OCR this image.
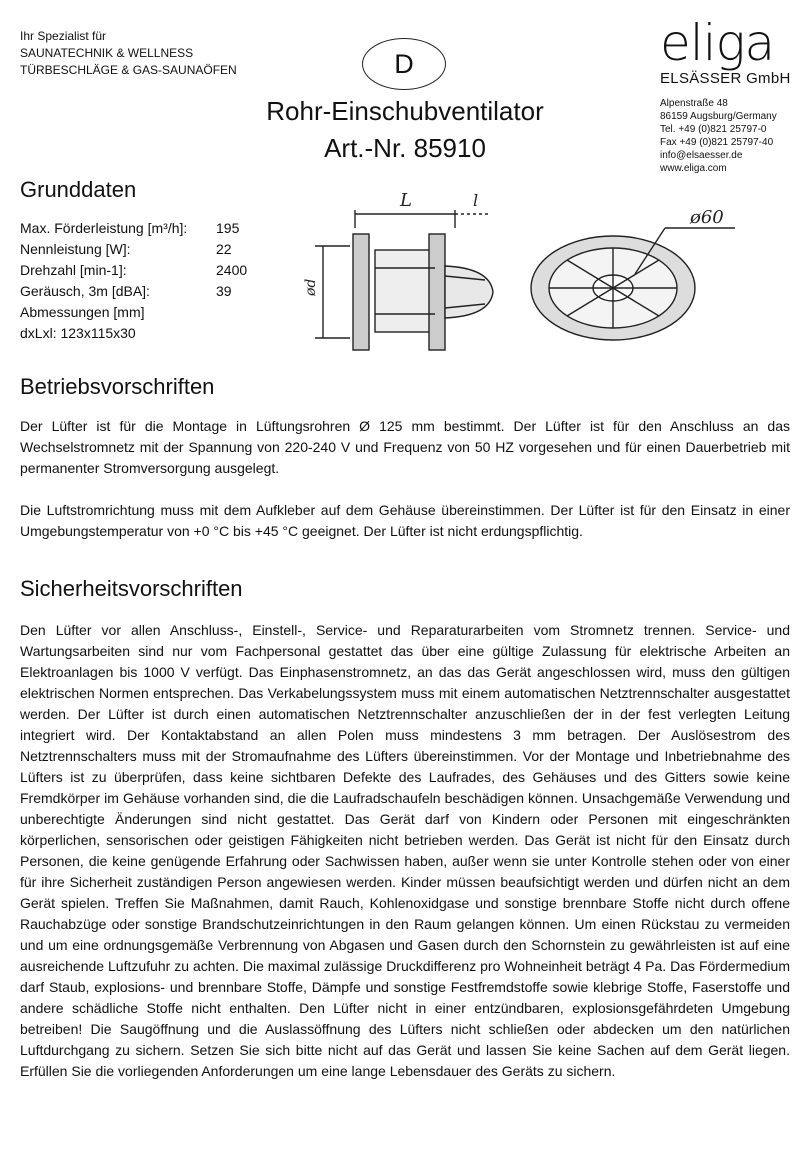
Ihr Spezialist für
SAUNATECHNIK & WELLNESS
TÜRBESCHLÄGE & GAS-SAUNAÖFEN	D	eliga
ELSÄSSER GmbH
Alpenstraße 48
86159 Augsburg/Germany
Tel. +49 (0)821 25797-0
Fax +49 (0)821 25797-40
info@elsaesser.de
www.eliga.com
Rohr-Einschubventilator
Art.-Nr. 85910
Grunddaten
Max. Förderleistung [m³/h]:	195
Nennleistung [W]:	22
Drehzahl [min-1]:	2400
Geräusch, 3m [dBA]:	39
Abmessungen [mm]
dxLxl: 123x115x30
L	l
ød
ø60
Betriebsvorschriften
Der Lüfter ist für die Montage in Lüftungsrohren Ø 125 mm bestimmt. Der Lüfter ist für den Anschluss an das Wechselstromnetz mit der Spannung von 220-240 V und Frequenz von 50 HZ vorgesehen und für einen Dauerbetrieb mit permanenter Stromversorgung ausgelegt.
Die Luftstromrichtung muss mit dem Aufkleber auf dem Gehäuse übereinstimmen. Der Lüfter ist für den Einsatz in einer Umgebungstemperatur von +0 °C bis +45 °C geeignet. Der Lüfter ist nicht erdungspflichtig.
Sicherheitsvorschriften
Den Lüfter vor allen Anschluss-, Einstell-, Service- und Reparaturarbeiten vom Stromnetz trennen. Service- und Wartungsarbeiten sind nur vom Fachpersonal gestattet das über eine gültige Zulassung für elektrische Arbeiten an Elektroanlagen bis 1000 V verfügt. Das Einphasenstromnetz, an das das Gerät angeschlossen wird, muss den gültigen elektrischen Normen entsprechen. Das Verkabelungssystem muss mit einem automatischen Netztrennschalter ausgestattet werden. Der Lüfter ist durch einen automatischen Netztrennschalter anzuschließen der in der fest verlegten Leitung integriert wird. Der Kontaktabstand an allen Polen muss mindestens 3 mm betragen. Der Auslösestrom des Netztrennschalters muss mit der Stromaufnahme des Lüfters übereinstimmen. Vor der Montage und Inbetriebnahme des Lüfters ist zu überprüfen, dass keine sichtbaren Defekte des Laufrades, des Gehäuses und des Gitters sowie keine Fremdkörper im Gehäuse vorhanden sind, die die Laufradschaufeln beschädigen können. Unsachgemäße Verwendung und unberechtigte Änderungen sind nicht gestattet. Das Gerät darf von Kindern oder Personen mit eingeschränkten körperlichen, sensorischen oder geistigen Fähigkeiten nicht betrieben werden. Das Gerät ist nicht für den Einsatz durch Personen, die keine genügende Erfahrung oder Sachwissen haben, außer wenn sie unter Kontrolle stehen oder von einer für ihre Sicherheit zuständigen Person angewiesen werden. Kinder müssen beaufsichtigt werden und dürfen nicht an dem Gerät spielen. Treffen Sie Maßnahmen, damit Rauch, Kohlenoxidgase und sonstige brennbare Stoffe nicht durch offene Rauchabzüge oder sonstige Brandschutzeinrichtungen in den Raum gelangen können. Um einen Rückstau zu vermeiden und um eine ordnungsgemäße Verbrennung von Abgasen und Gasen durch den Schornstein zu gewährleisten ist auf eine ausreichende Luftzufuhr zu achten. Die maximal zulässige Druckdifferenz pro Wohneinheit beträgt 4 Pa. Das Fördermedium darf Staub, explosions- und brennbare Stoffe, Dämpfe und sonstige Festfremdstoffe sowie klebrige Stoffe, Faserstoffe und andere schädliche Stoffe nicht enthalten. Den Lüfter nicht in einer entzündbaren, explosionsgefährdeten Umgebung betreiben! Die Saugöffnung und die Auslassöffnung des Lüfters nicht schließen oder abdecken um den natürlichen Luftdurchgang zu sichern. Setzen Sie sich bitte nicht auf das Gerät und lassen Sie keine Sachen auf dem Gerät liegen. Erfüllen Sie die vorliegenden Anforderungen um eine lange Lebensdauer des Geräts zu sichern.
